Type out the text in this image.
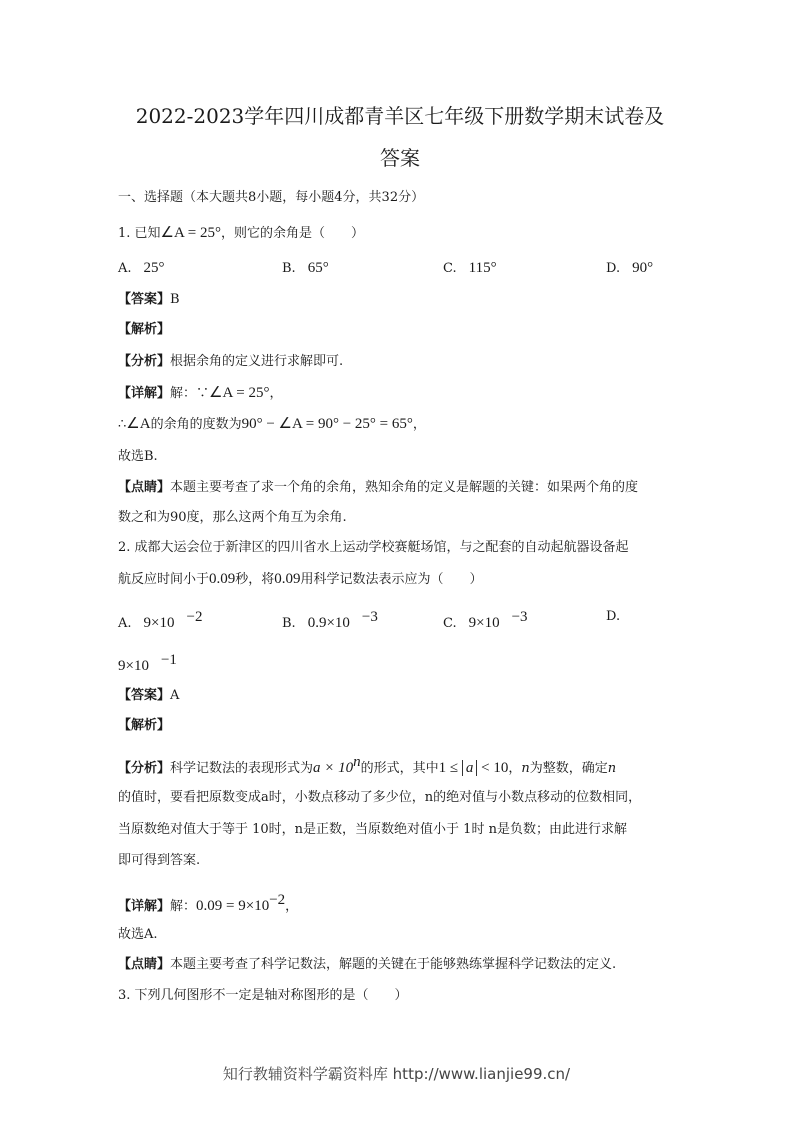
2022-2023学年四川成都青羊区七年级下册数学期末试卷及
答案
一、选择题（本大题共8小题，每小题4分，共32分）
1. 已知∠A = 25°，则它的余角是（　　）
A. 25°	B. 65°	C. 115°	D. 90°
【答案】B
【解析】
【分析】根据余角的定义进行求解即可.
【详解】解：∵∠A = 25°，
∴∠A的余角的度数为90° − ∠A = 90° − 25° = 65°，
故选B.
【点睛】本题主要考查了求一个角的余角，熟知余角的定义是解题的关键：如果两个角的度
数之和为90度，那么这两个角互为余角.
2. 成都大运会位于新津区的四川省水上运动学校赛艇场馆，与之配套的自动起航器设备起
航反应时间小于0.09秒，将0.09用科学记数法表示应为（　　）
A. 9×10 $^{-2}$	B. 0.9×10 $^{-3}$	C. 9×10 $^{-3}$	D.
9×10 $^{-1}$
【答案】A
【解析】
【分析】科学记数法的表现形式为$a \times 10^n$的形式，其中1 ≤ a < 10，n为整数，确定n
的值时，要看把原数变成a时，小数点移动了多少位，n的绝对值与小数点移动的位数相同，
当原数绝对值大于等于 10时，n是正数，当原数绝对值小于 1时 n是负数；由此进行求解
即可得到答案.
【详解】解：$0.09 = 9\times 10^{-2}$，
故选A.
【点睛】本题主要考查了科学记数法，解题的关键在于能够熟练掌握科学记数法的定义.
3. 下列几何图形不一定是轴对称图形的是（　　）
知行教辅资料学霸资料库 http://www.lianjie99.cn/
